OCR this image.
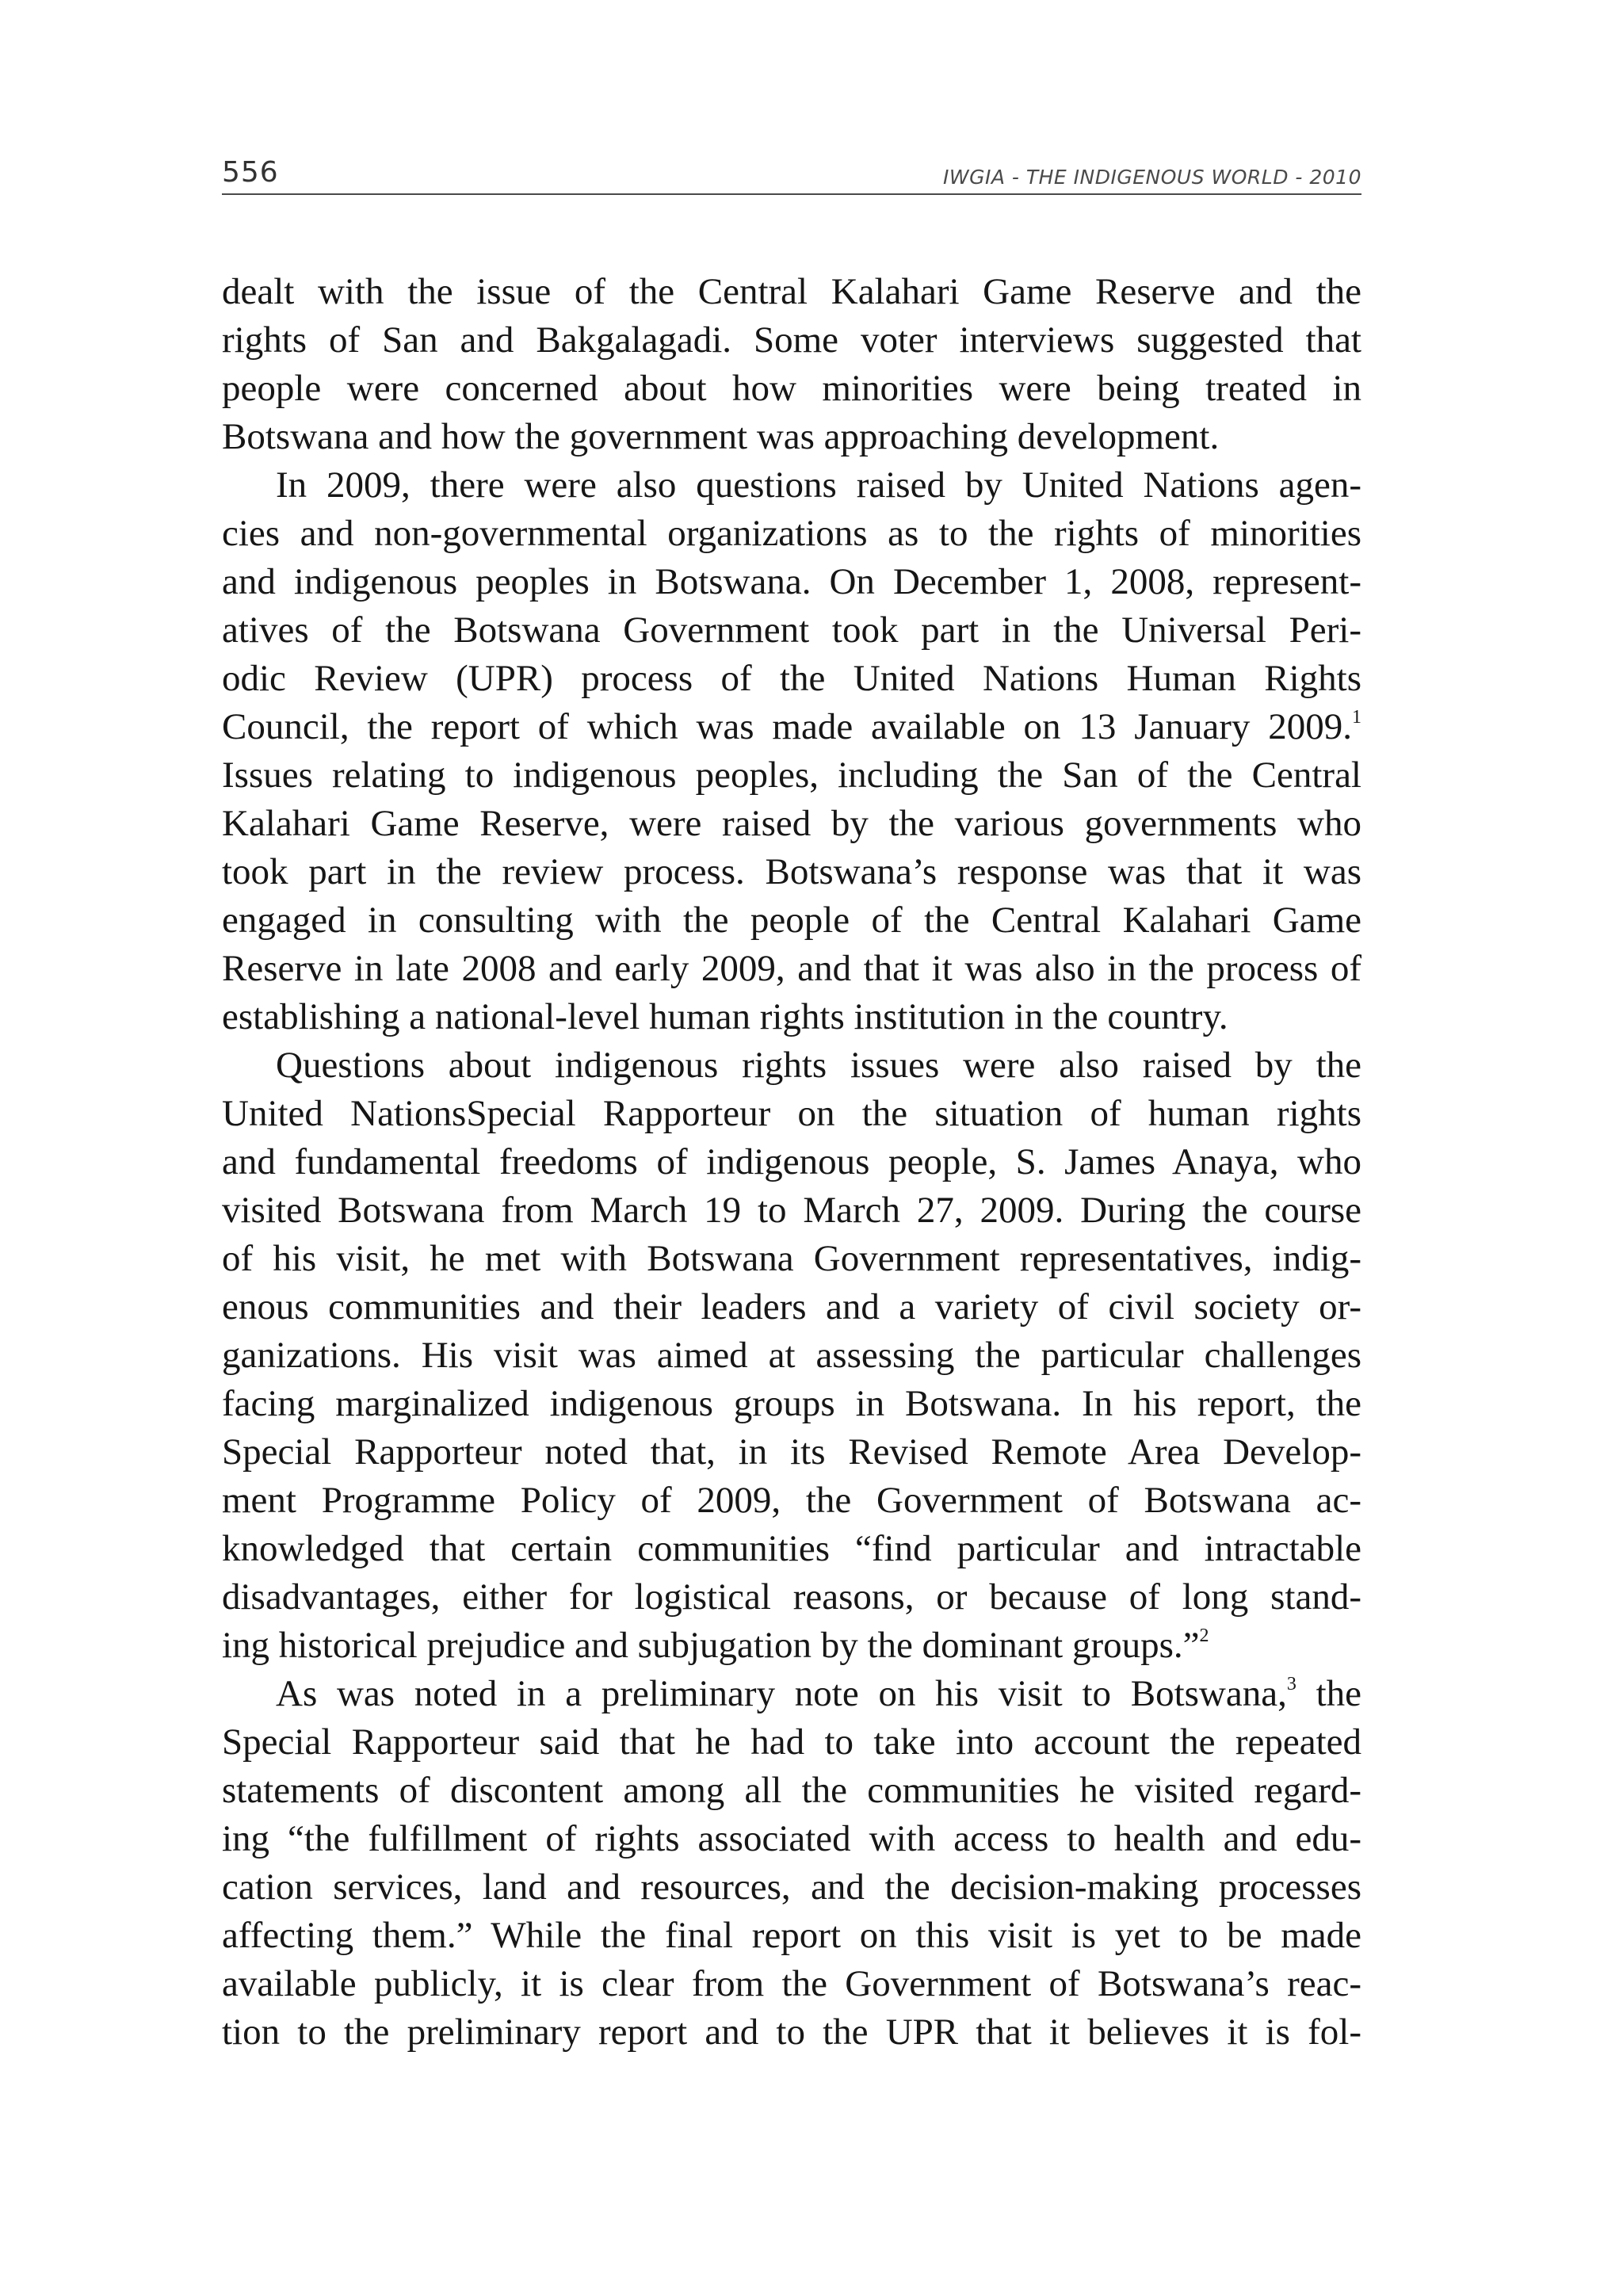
556	IWGIA - THE INDIGENOUS WORLD - 2010
dealt with the issue of the Central Kalahari Game Reserve and the
rights of San and Bakgalagadi. Some voter interviews suggested that
people were concerned about how minorities were being treated in
Botswana and how the government was approaching development.
In 2009, there were also questions raised by United Nations agen-
cies and non-governmental organizations as to the rights of minorities
and indigenous peoples in Botswana. On December 1, 2008, represent-
atives of the Botswana Government took part in the Universal Peri-
odic Review (UPR) process of the United Nations Human Rights
Council, the report of which was made available on 13 January 2009.$^1$
Issues relating to indigenous peoples, including the San of the Central
Kalahari Game Reserve, were raised by the various governments who
took part in the review process. Botswana’s response was that it was
engaged in consulting with the people of the Central Kalahari Game
Reserve in late 2008 and early 2009, and that it was also in the process of
establishing a national-level human rights institution in the country.
Questions about indigenous rights issues were also raised by the
United NationsSpecial Rapporteur on the situation of human rights
and fundamental freedoms of indigenous people, S. James Anaya, who
visited Botswana from March 19 to March 27, 2009. During the course
of his visit, he met with Botswana Government representatives, indig-
enous communities and their leaders and a variety of civil society or-
ganizations. His visit was aimed at assessing the particular challenges
facing marginalized indigenous groups in Botswana. In his report, the
Special Rapporteur noted that, in its Revised Remote Area Develop-
ment Programme Policy of 2009, the Government of Botswana ac-
knowledged that certain communities “find particular and intractable
disadvantages, either for logistical reasons, or because of long stand-
ing historical prejudice and subjugation by the dominant groups.”$^2$
As was noted in a preliminary note on his visit to Botswana,$^3$ the
Special Rapporteur said that he had to take into account the repeated
statements of discontent among all the communities he visited regard-
ing “the fulfillment of rights associated with access to health and edu-
cation services, land and resources, and the decision-making processes
affecting them.” While the final report on this visit is yet to be made
available publicly, it is clear from the Government of Botswana’s reac-
tion to the preliminary report and to the UPR that it believes it is fol-
